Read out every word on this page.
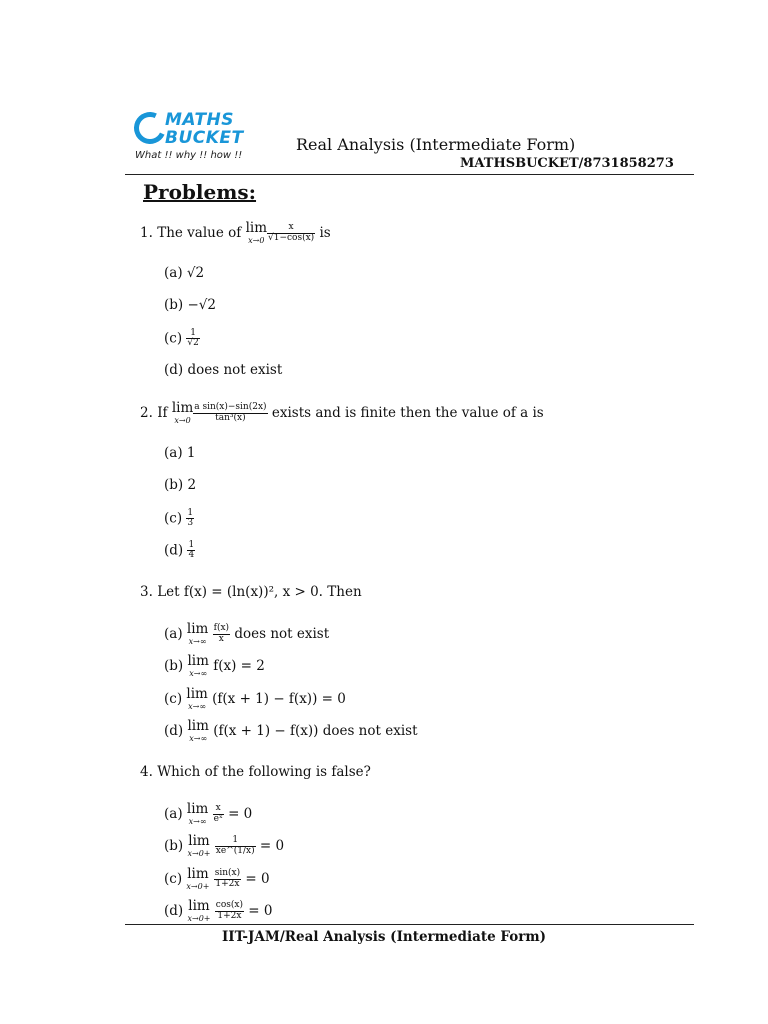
MATHS
BUCKET
What !! why !! how !!
Real Analysis (Intermediate Form)
MATHSBUCKET/8731858273
Problems:
1. The value of lim
$x\to 0 \frac{x}{√1-\cos(x)}$ is
(a) √2
(b) −√2
$(c) \frac{1}{√2}$
(d) does not exist
2. If lim
$x\to 0 \frac{\text{a sin(x)−sin(2x)}}{\text{tan³(x)}}$ exists and is finite then the value of a is
(a) 1
(b) 2
$(c) \frac{1}{3}$
$(d) \frac{1}{4}$
3. Let f(x) = (ln(x))², x > 0. Then
(a) lim
x→∞
$\frac{f(x)}{x}$ does not exist
(b) lim
x→∞ f(x) = 2
(c) lim
x→∞ (f(x + 1) − f(x)) = 0
(d) lim
x→∞ (f(x + 1) − f(x)) does not exist
4. Which of the following is false?
(a) lim
x→∞
$\frac{x}{\text{eˣ}} = 0$
(b) lim
x→0+
$\frac{1}{xe\^{}(1/x)} = 0$
(c) lim
x→0+
$\frac{\sin(x)}{1+2x} = 0$
(d) lim
x→0+
$\frac{\cos(x)}{1+2x} = 0$
IIT-JAM/Real Analysis (Intermediate Form)
